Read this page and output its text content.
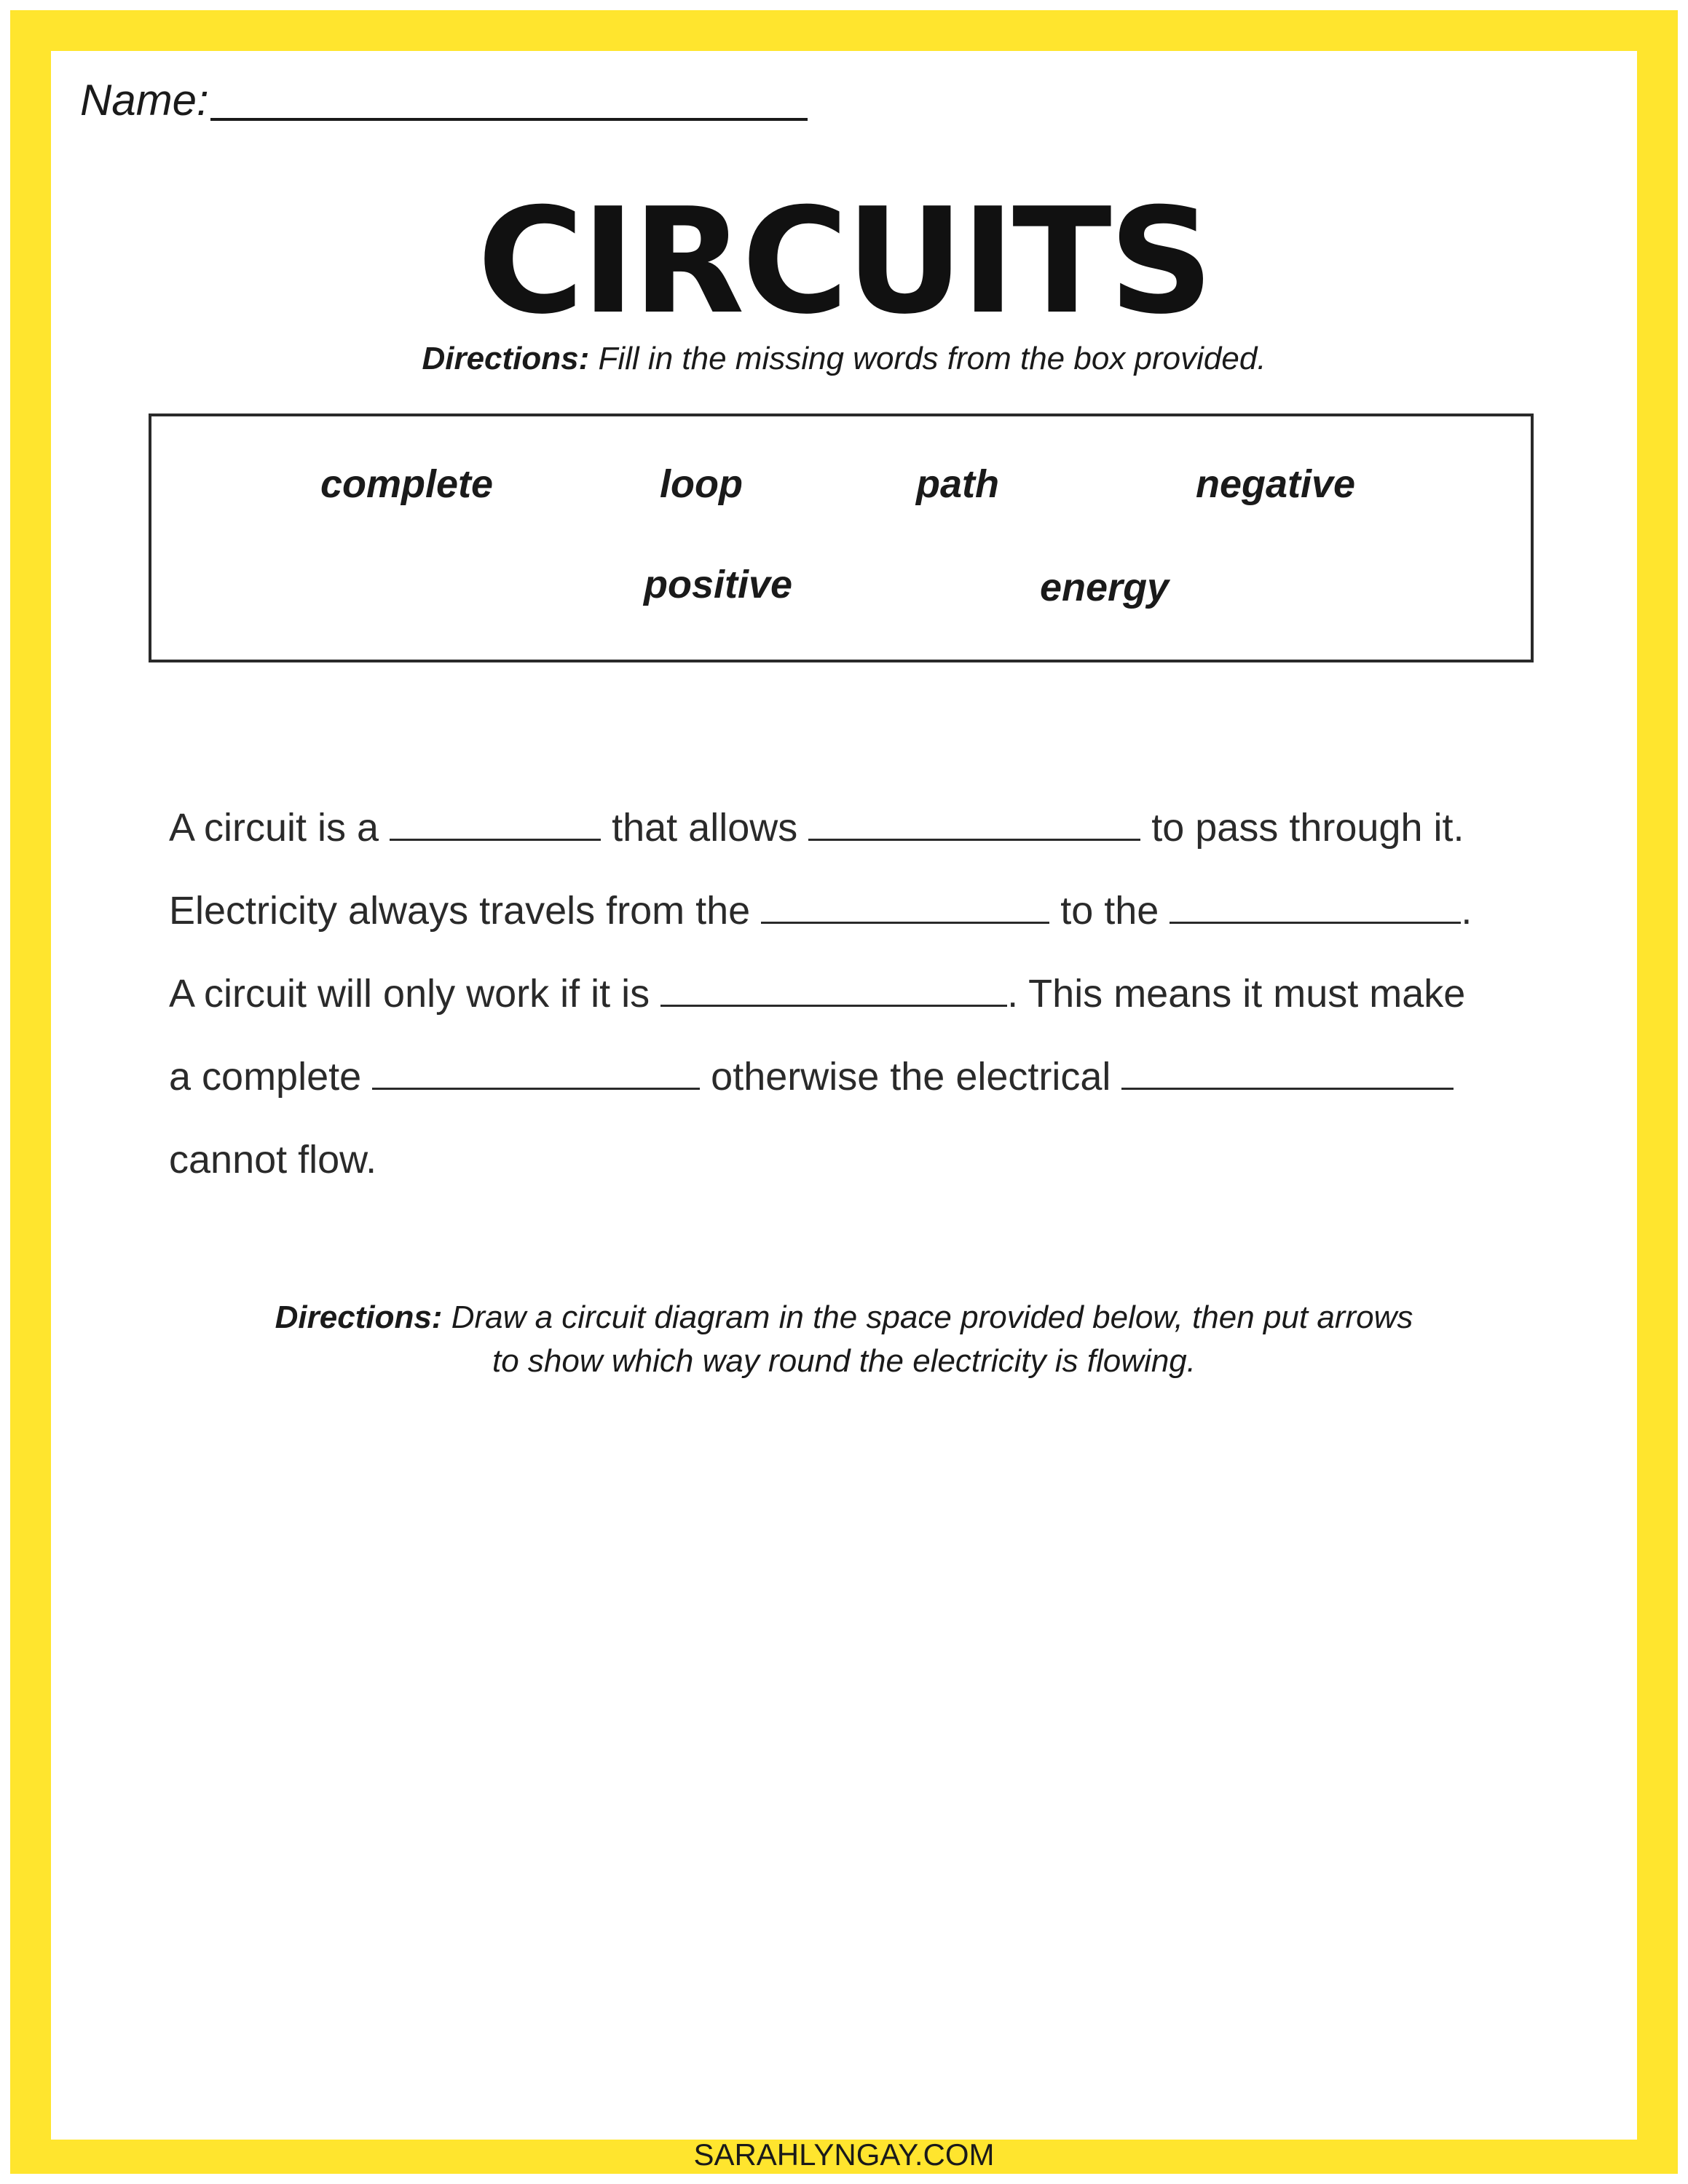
Name:
CIRCUITS
Directions: Fill in the missing words from the box provided.
complete	loop	path	negative
positive	energy
A circuit is a	that allows	to pass through it.
Electricity always travels from the	to the	.
A circuit will only work if it is	. This means it must make
a complete	otherwise the electrical
cannot flow.
Directions: Draw a circuit diagram in the space provided below, then put arrows
to show which way round the electricity is flowing.
SARAHLYNGAY.COM
